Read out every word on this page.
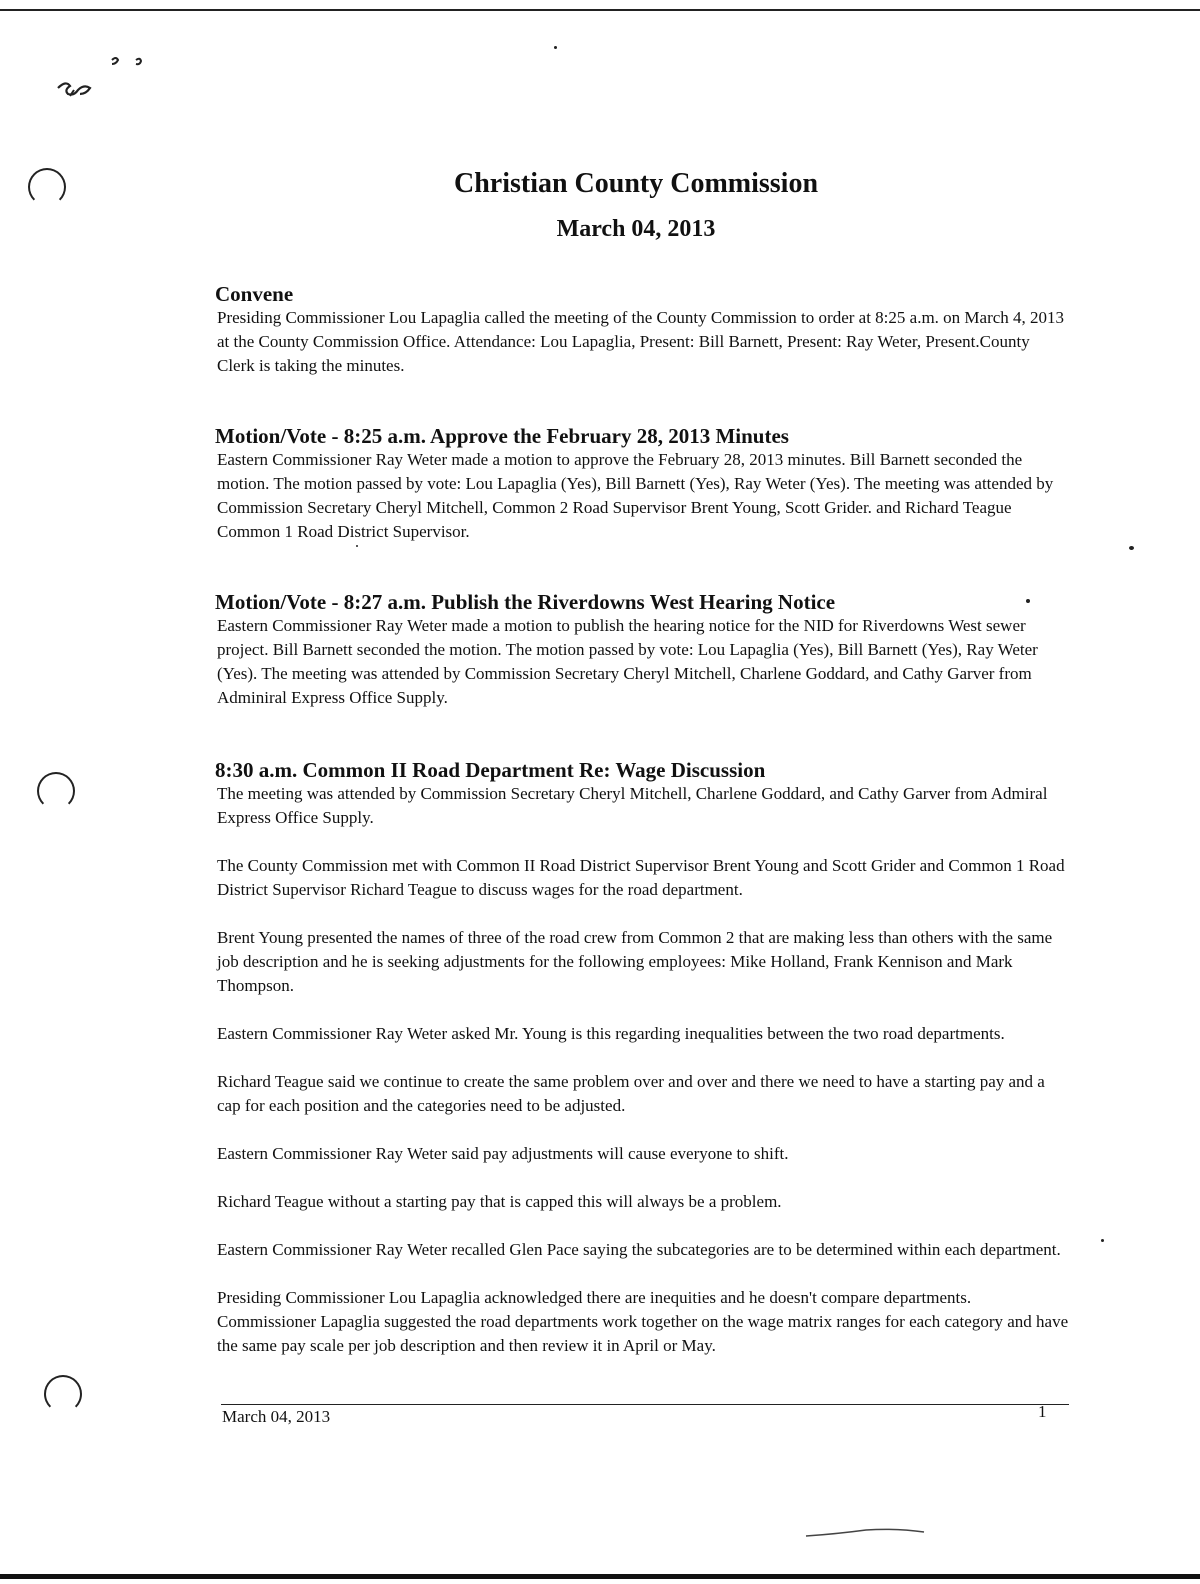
Christian County Commission
March 04, 2013
Convene

Presiding Commissioner Lou Lapaglia called the meeting of the County Commission to order at 8:25 a.m. on March 4, 2013 at the County Commission Office. Attendance: Lou Lapaglia, Present: Bill Barnett, Present: Ray Weter, Present.County Clerk is taking the minutes.

Motion/Vote - 8:25 a.m. Approve the February 28, 2013 Minutes

Eastern Commissioner Ray Weter made a motion to approve the February 28, 2013 minutes. Bill Barnett seconded the motion. The motion passed by vote: Lou Lapaglia (Yes), Bill Barnett (Yes), Ray Weter (Yes). The meeting was attended by Commission Secretary Cheryl Mitchell, Common 2 Road Supervisor Brent Young, Scott Grider. and Richard Teague Common 1 Road District Supervisor.

Motion/Vote - 8:27 a.m. Publish the Riverdowns West Hearing Notice

Eastern Commissioner Ray Weter made a motion to publish the hearing notice for the NID for Riverdowns West sewer project. Bill Barnett seconded the motion. The motion passed by vote: Lou Lapaglia (Yes), Bill Barnett (Yes), Ray Weter (Yes). The meeting was attended by Commission Secretary Cheryl Mitchell, Charlene Goddard, and Cathy Garver from Adminiral Express Office Supply.

8:30 a.m. Common II Road Department Re: Wage Discussion

The meeting was attended by Commission Secretary Cheryl Mitchell, Charlene Goddard, and Cathy Garver from Admiral Express Office Supply.

The County Commission met with Common II Road District Supervisor Brent Young and Scott Grider and Common 1 Road District Supervisor Richard Teague to discuss wages for the road department.

Brent Young presented the names of three of the road crew from Common 2 that are making less than others with the same job description and he is seeking adjustments for the following employees: Mike Holland, Frank Kennison and Mark Thompson.

Eastern Commissioner Ray Weter asked Mr. Young is this regarding inequalities between the two road departments.

Richard Teague said we continue to create the same problem over and over and there we need to have a starting pay and a cap for each position and the categories need to be adjusted.

Eastern Commissioner Ray Weter said pay adjustments will cause everyone to shift.

Richard Teague without a starting pay that is capped this will always be a problem.

Eastern Commissioner Ray Weter recalled Glen Pace saying the subcategories are to be determined within each department.

Presiding Commissioner Lou Lapaglia acknowledged there are inequities and he doesn't compare departments. Commissioner Lapaglia suggested the road departments work together on the wage matrix ranges for each category and have the same pay scale per job description and then review it in April or May.

March 04, 2013	1
